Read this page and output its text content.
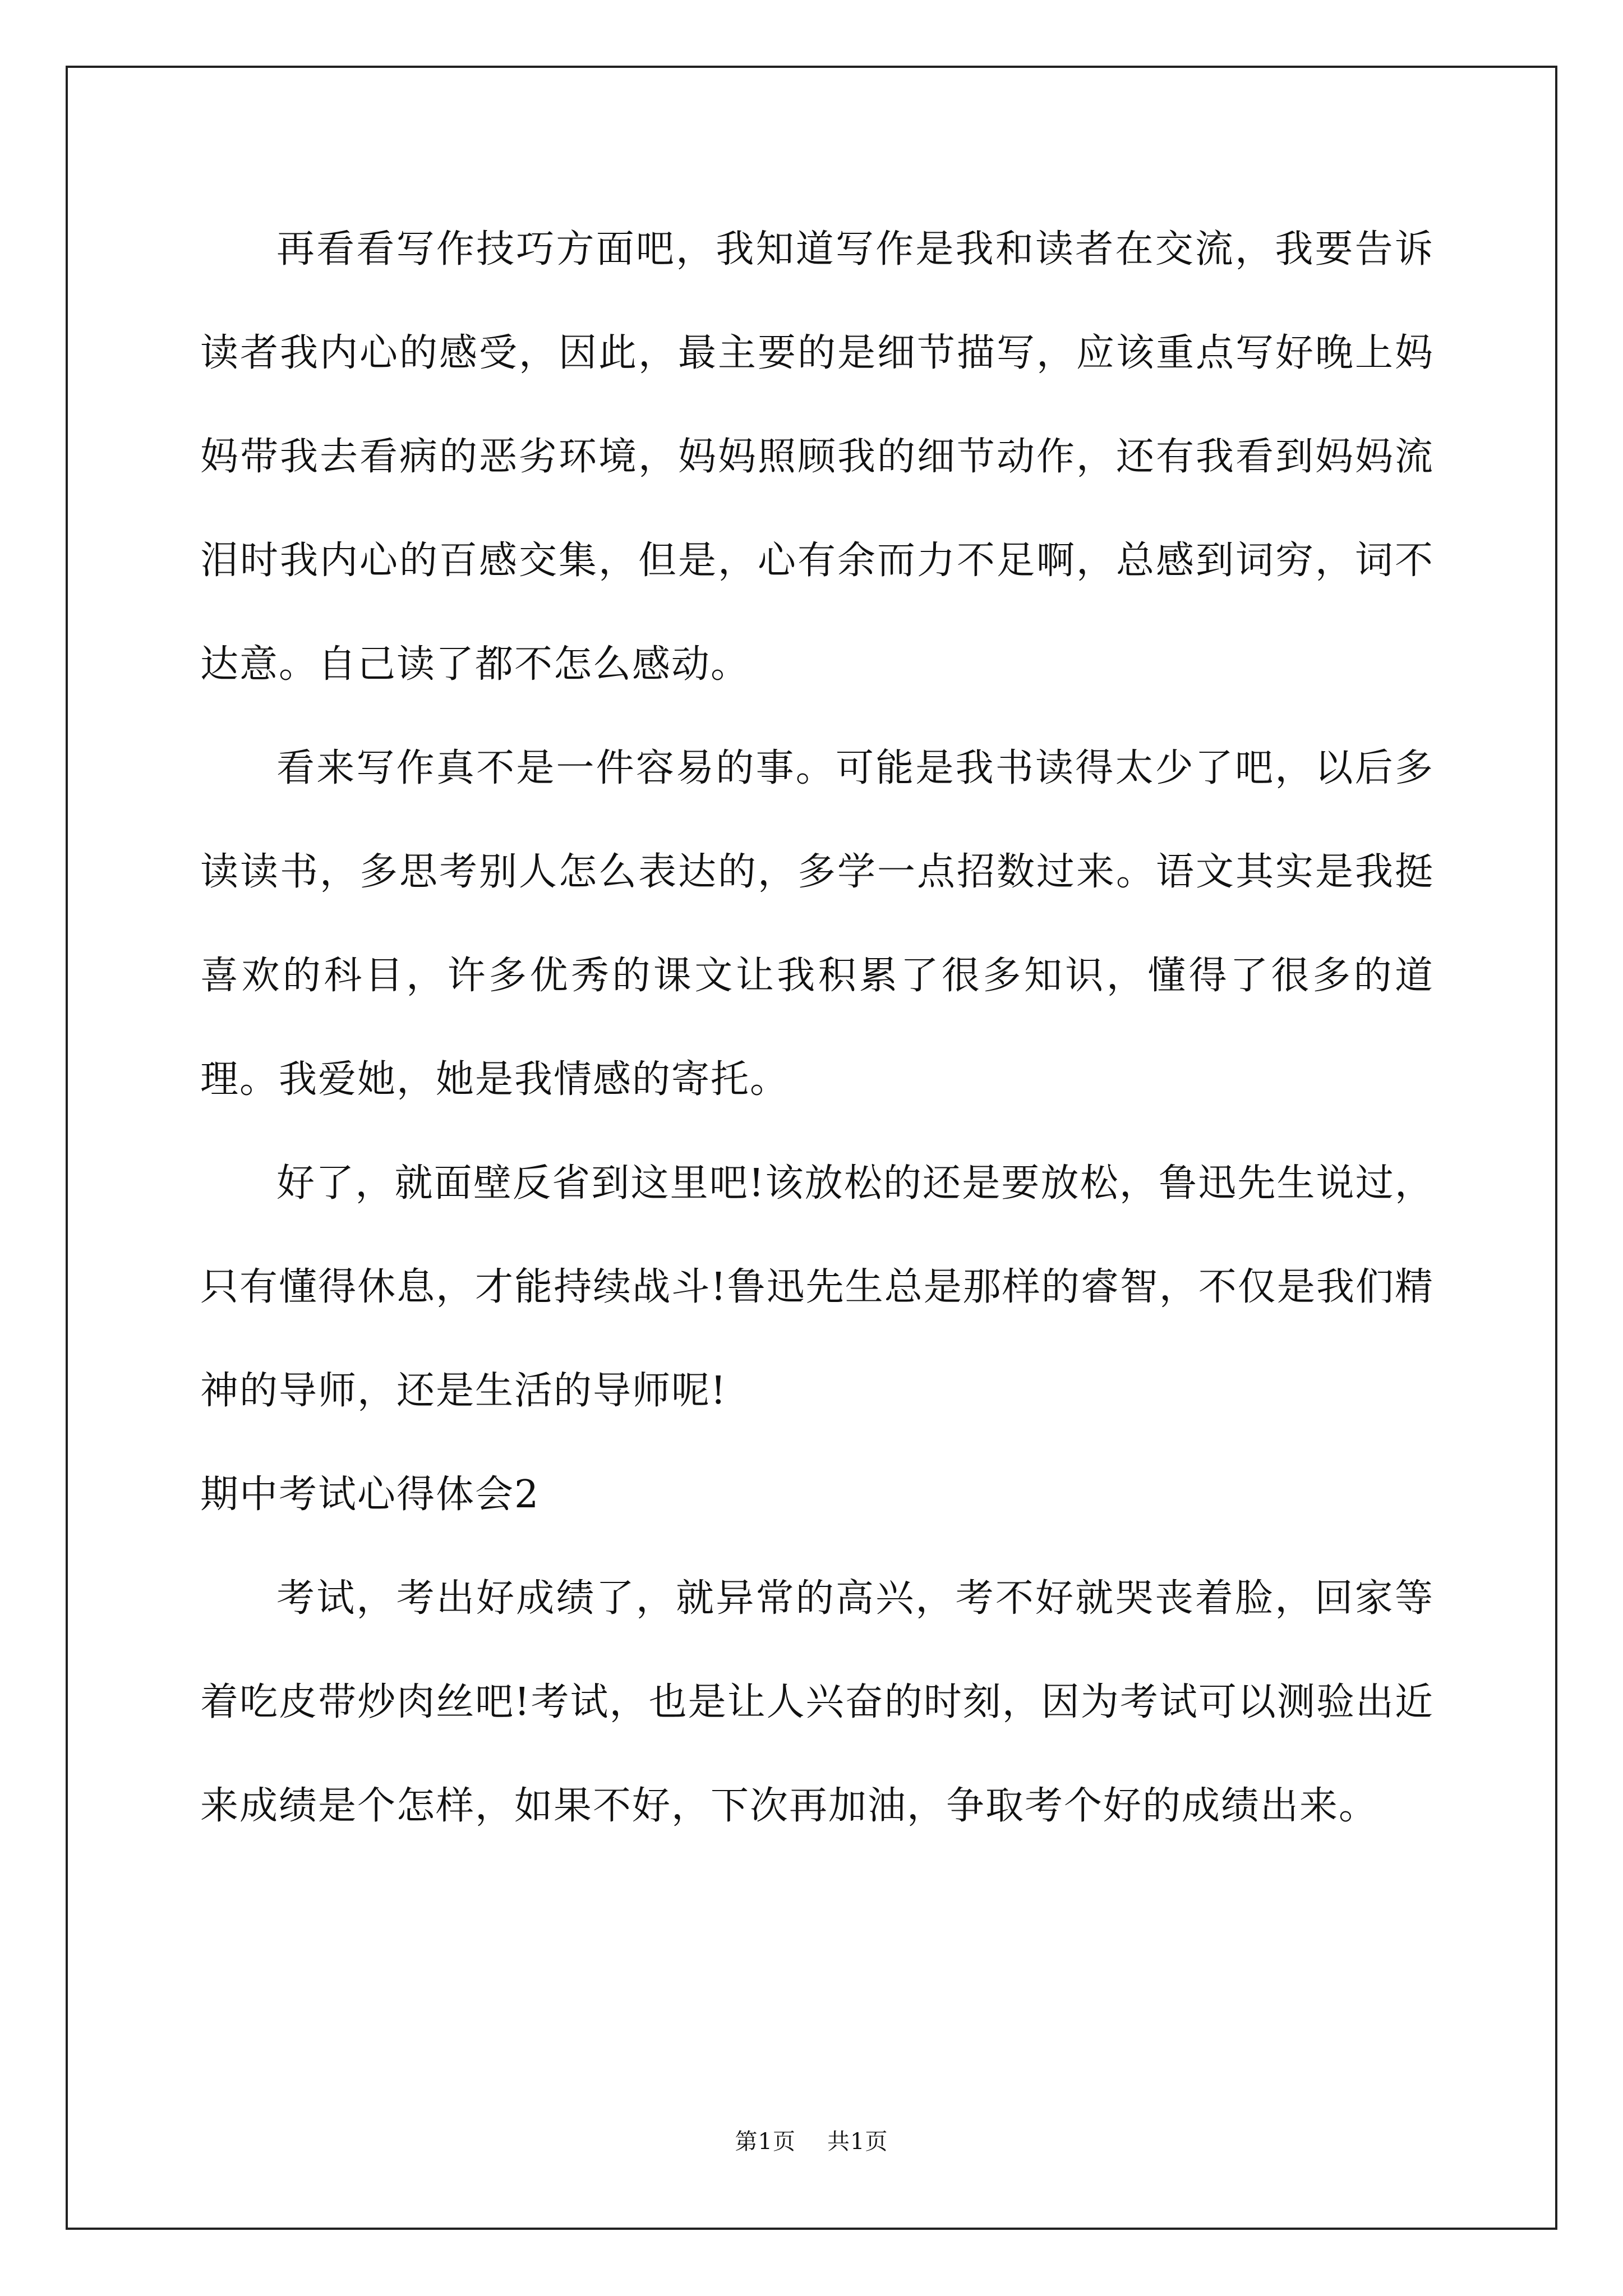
再看看写作技巧方面吧，我知道写作是我和读者在交流，我要告诉读者我内心的感受，因此，最主要的是细节描写，应该重点写好晚上妈妈带我去看病的恶劣环境，妈妈照顾我的细节动作，还有我看到妈妈流泪时我内心的百感交集，但是，心有余而力不足啊，总感到词穷，词不达意。自己读了都不怎么感动。

看来写作真不是一件容易的事。可能是我书读得太少了吧，以后多读读书，多思考别人怎么表达的，多学一点招数过来。语文其实是我挺喜欢的科目，许多优秀的课文让我积累了很多知识，懂得了很多的道理。我爱她，她是我情感的寄托。

好了，就面壁反省到这里吧!该放松的还是要放松，鲁迅先生说过，只有懂得休息，才能持续战斗!鲁迅先生总是那样的睿智，不仅是我们精神的导师，还是生活的导师呢!

期中考试心得体会2

考试，考出好成绩了，就异常的高兴，考不好就哭丧着脸，回家等着吃皮带炒肉丝吧!考试，也是让人兴奋的时刻，因为考试可以测验出近来成绩是个怎样，如果不好，下次再加油，争取考个好的成绩出来。

第1页 共1页
